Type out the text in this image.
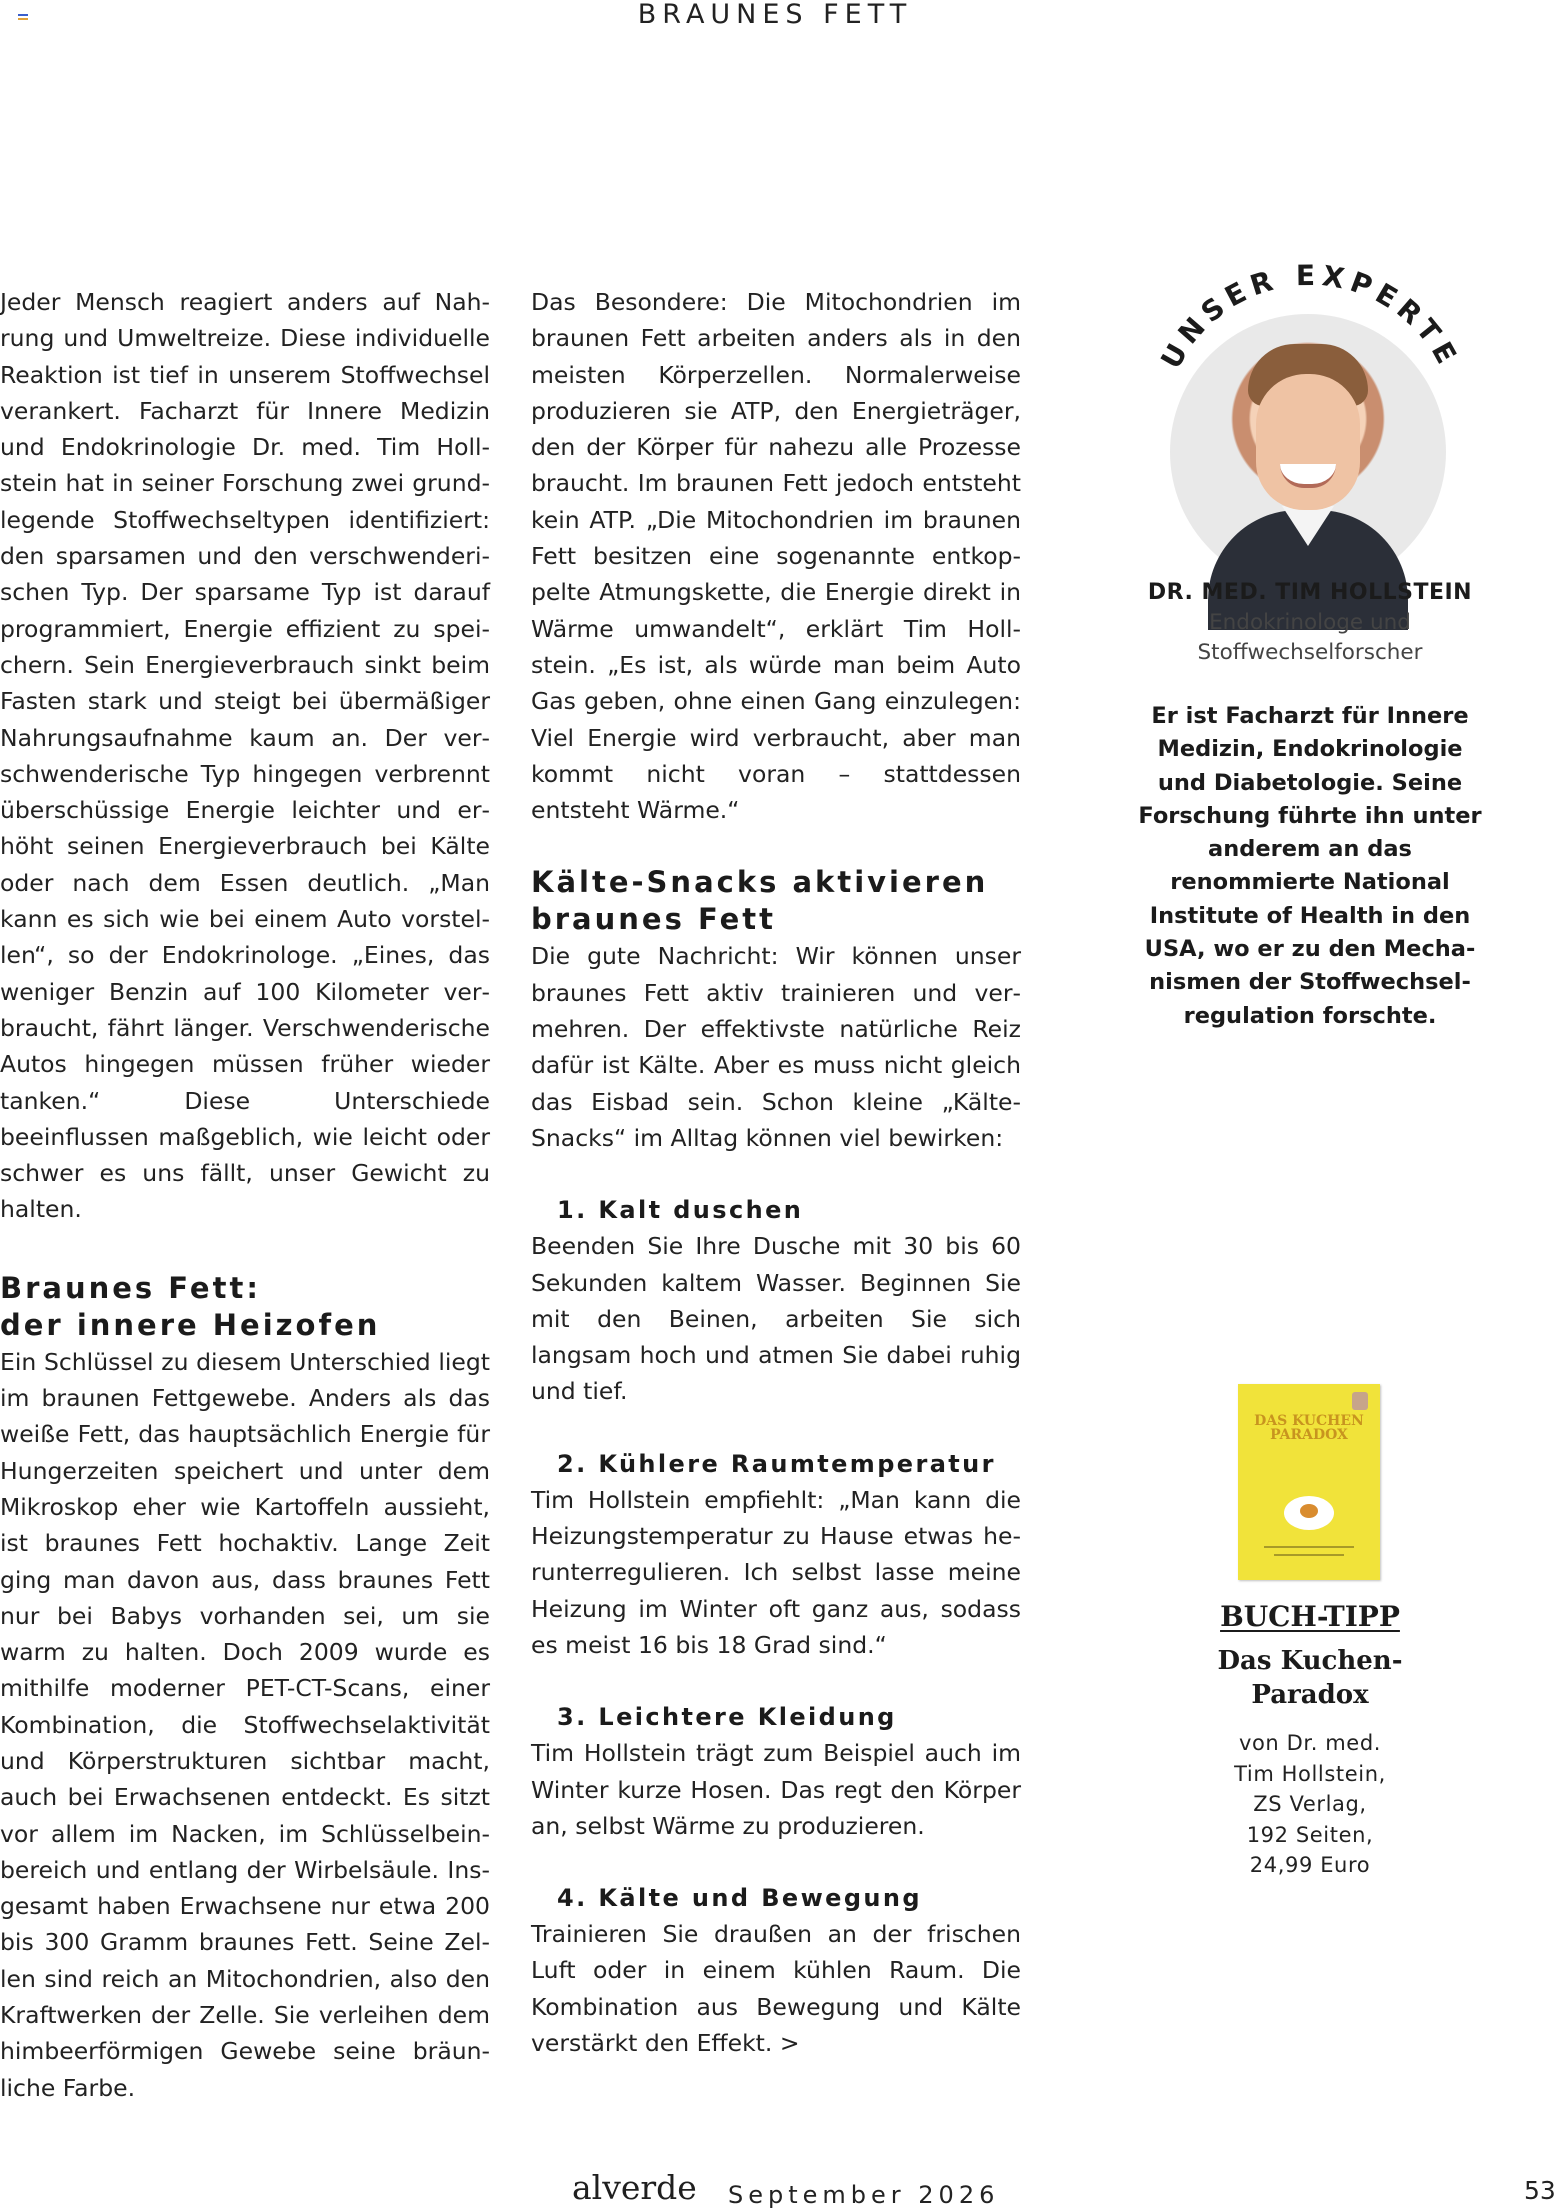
BRAUNES FETT

Jeder Mensch reagiert anders auf Nahrung und Umweltreize. Diese individuelle Reaktion ist tief in unserem Stoffwechsel verankert. Facharzt für Innere Medizin und Endokrinologie Dr. med. Tim Hollstein hat in seiner Forschung zwei grundlegende Stoffwechseltypen identifiziert: den sparsamen und den verschwenderischen Typ. Der sparsame Typ ist darauf programmiert, Energie effizient zu speichern. Sein Energieverbrauch sinkt beim Fasten stark und steigt bei übermäßiger Nahrungsaufnahme kaum an. Der verschwenderische Typ hingegen verbrennt überschüssige Energie leichter und erhöht seinen Energieverbrauch bei Kälte oder nach dem Essen deutlich. „Man kann es sich wie bei einem Auto vorstellen“, so der Endokrinologe. „Eines, das weniger Benzin auf 100 Kilometer verbraucht, fährt länger. Verschwenderische Autos hingegen müssen früher wieder tanken.“ Diese Unterschiede beeinflussen maßgeblich, wie leicht oder schwer es uns fällt, unser Gewicht zu halten.

Braunes Fett:
der innere Heizofen

Ein Schlüssel zu diesem Unterschied liegt im braunen Fettgewebe. Anders als das weiße Fett, das hauptsächlich Energie für Hungerzeiten speichert und unter dem Mikroskop eher wie Kartoffeln aussieht, ist braunes Fett hochaktiv. Lange Zeit ging man davon aus, dass braunes Fett nur bei Babys vorhanden sei, um sie warm zu halten. Doch 2009 wurde es mithilfe moderner PET-CT-Scans, einer Kombination, die Stoffwechselaktivität und Körperstrukturen sichtbar macht, auch bei Erwachsenen entdeckt. Es sitzt vor allem im Nacken, im Schlüsselbeinbereich und entlang der Wirbelsäule. Insgesamt haben Erwachsene nur etwa 200 bis 300 Gramm braunes Fett. Seine Zellen sind reich an Mitochondrien, also den Kraftwerken der Zelle. Sie verleihen dem himbeerförmigen Gewebe seine bräunliche Farbe.

Das Besondere: Die Mitochondrien im braunen Fett arbeiten anders als in den meisten Körperzellen. Normalerweise produzieren sie ATP, den Energieträger, den der Körper für nahezu alle Prozesse braucht. Im braunen Fett jedoch entsteht kein ATP. „Die Mitochondrien im braunen Fett besitzen eine sogenannte entkoppelte Atmungskette, die Energie direkt in Wärme umwandelt“, erklärt Tim Hollstein. „Es ist, als würde man beim Auto Gas geben, ohne einen Gang einzulegen: Viel Energie wird verbraucht, aber man kommt nicht voran – stattdessen entsteht Wärme.“

Kälte-Snacks aktivieren
braunes Fett

Die gute Nachricht: Wir können unser braunes Fett aktiv trainieren und vermehren. Der effektivste natürliche Reiz dafür ist Kälte. Aber es muss nicht gleich das Eisbad sein. Schon kleine „Kälte-Snacks“ im Alltag können viel bewirken:

1. Kalt duschen

Beenden Sie Ihre Dusche mit 30 bis 60 Sekunden kaltem Wasser. Beginnen Sie mit den Beinen, arbeiten Sie sich langsam hoch und atmen Sie dabei ruhig und tief.

2. Kühlere Raumtemperatur

Tim Hollstein empfiehlt: „Man kann die Heizungstemperatur zu Hause etwas herunterregulieren. Ich selbst lasse meine Heizung im Winter oft ganz aus, sodass es meist 16 bis 18 Grad sind.“

3. Leichtere Kleidung

Tim Hollstein trägt zum Beispiel auch im Winter kurze Hosen. Das regt den Körper an, selbst Wärme zu produzieren.

4. Kälte und Bewegung

Trainieren Sie draußen an der frischen Luft oder in einem kühlen Raum. Die Kombination aus Bewegung und Kälte verstärkt den Effekt. >

UNSER EXPERTE
DR. MED. TIM HOLLSTEIN
Endokrinologe und
Stoffwechselforscher
Er ist Facharzt für Innere Medizin, Endokrinologie und Diabetologie. Seine Forschung führte ihn unter anderem an das renommierte National Institute of Health in den USA, wo er zu den Mechanismen der Stoffwechselregulation forschte.
DAS KUCHEN PARADOX
BUCH-TIPP
Das Kuchen-
Paradox
von Dr. med.
Tim Hollstein,
ZS Verlag,
192 Seiten,
24,99 Euro
alverde September 2026	53
